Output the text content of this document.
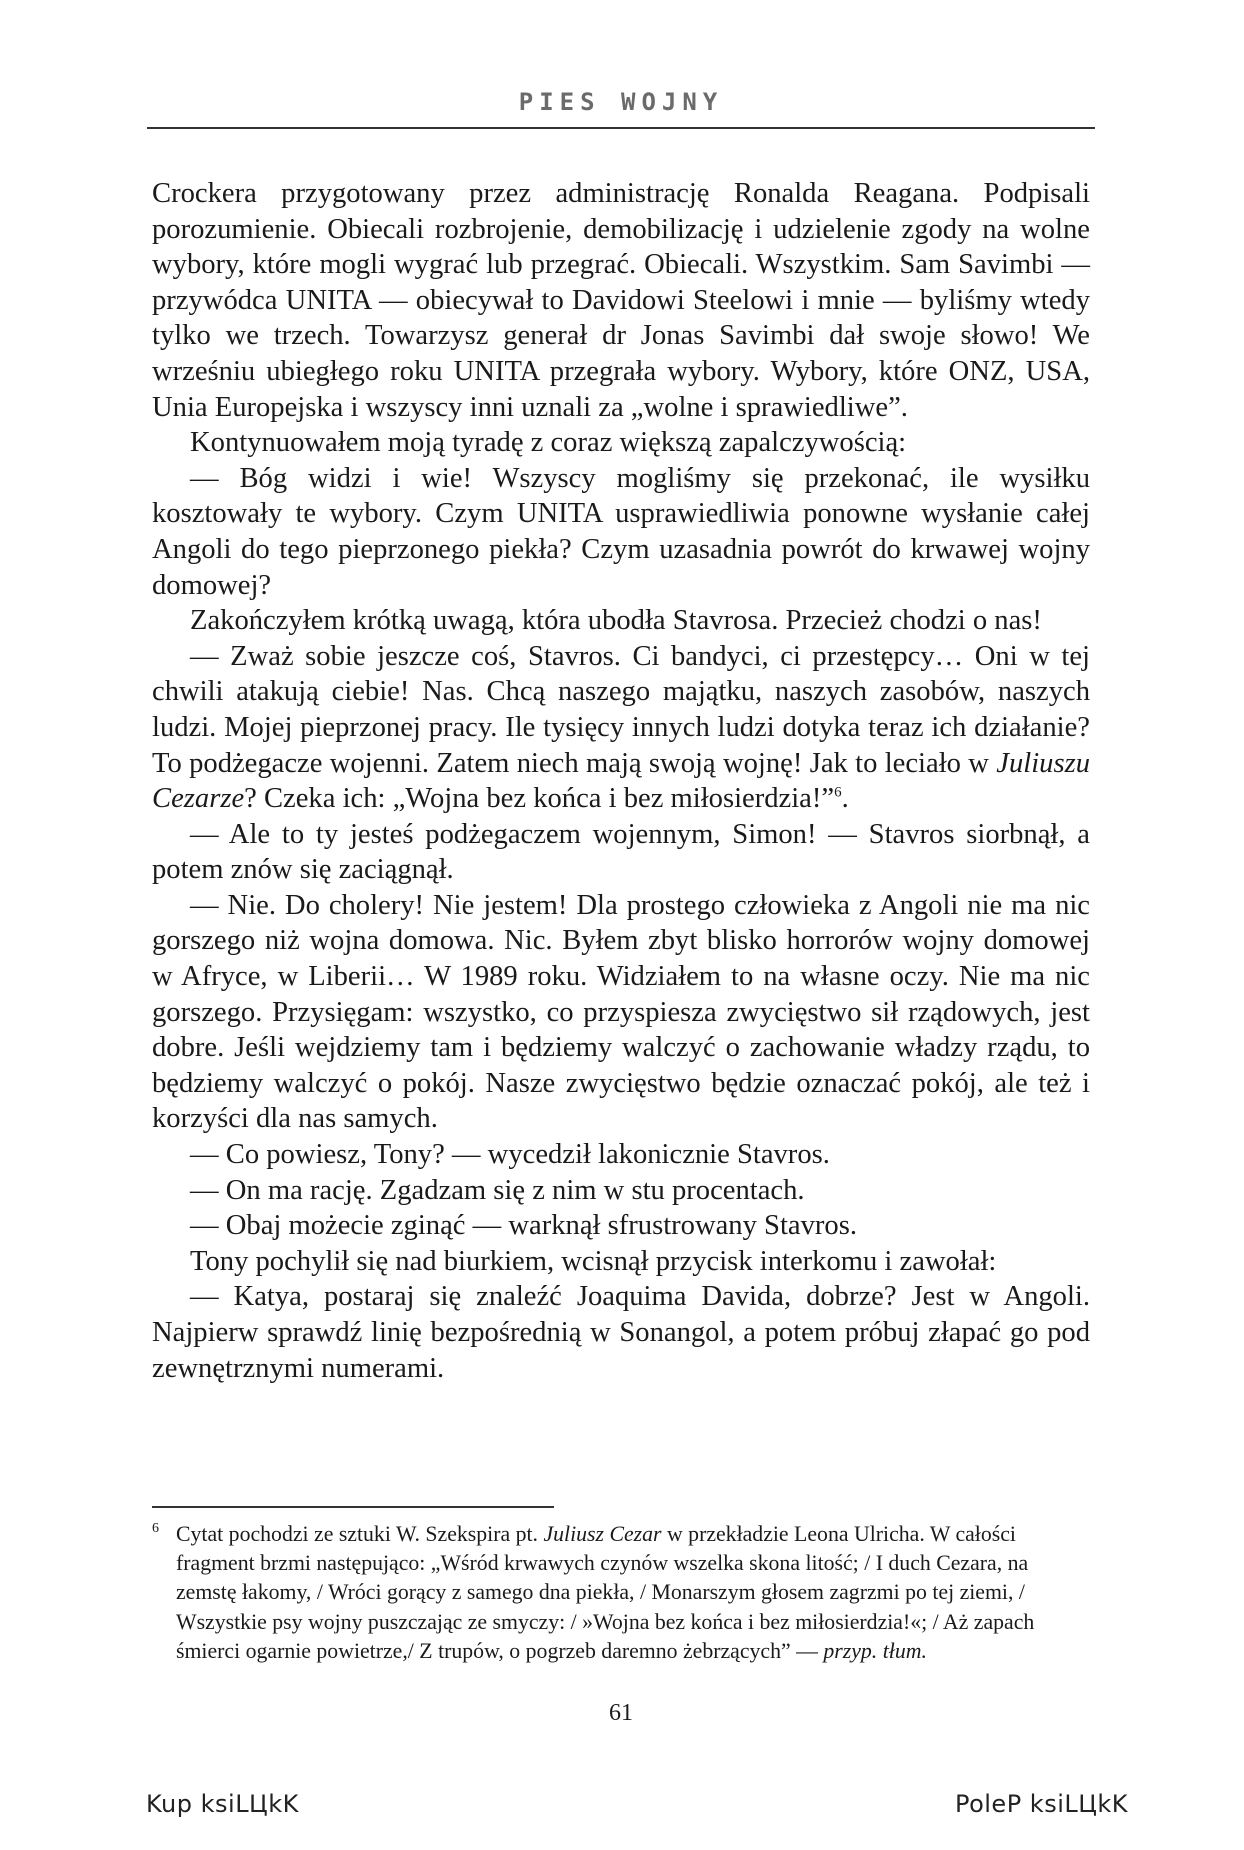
PIES WOJNY

Crockera przygotowany przez administrację Ronalda Reagana. Podpisali porozumienie. Obiecali rozbrojenie, demobilizację i udzielenie zgody na wolne wybory, które mogli wygrać lub przegrać. Obiecali. Wszystkim. Sam Savimbi — przywódca UNITA — obiecywał to Davidowi Steelowi i mnie — byliśmy wtedy tylko we trzech. Towarzysz generał dr Jonas Savimbi dał swoje słowo! We wrześniu ubiegłego roku UNITA przegrała wybory. Wybory, które ONZ, USA, Unia Europejska i wszyscy inni uznali za „wolne i sprawiedliwe”.

Kontynuowałem moją tyradę z coraz większą zapalczywością:

— Bóg widzi i wie! Wszyscy mogliśmy się przekonać, ile wysiłku kosztowały te wybory. Czym UNITA usprawiedliwia ponowne wysłanie całej Angoli do tego pieprzonego piekła? Czym uzasadnia powrót do krwawej wojny domowej?

Zakończyłem krótką uwagą, która ubodła Stavrosa. Przecież chodzi o nas!

— Zważ sobie jeszcze coś, Stavros. Ci bandyci, ci przestępcy… Oni w tej chwili atakują ciebie! Nas. Chcą naszego majątku, naszych zasobów, naszych ludzi. Mojej pieprzonej pracy. Ile tysięcy innych ludzi dotyka teraz ich działanie? To podżegacze wojenni. Zatem niech mają swoją wojnę! Jak to leciało w Juliuszu Cezarze? Czeka ich: „Wojna bez końca i bez miłosierdzia!”$^6$.

— Ale to ty jesteś podżegaczem wojennym, Simon! — Stavros siorbnął, a potem znów się zaciągnął.

— Nie. Do cholery! Nie jestem! Dla prostego człowieka z Angoli nie ma nic gorszego niż wojna domowa. Nic. Byłem zbyt blisko horrorów wojny domowej w Afryce, w Liberii… W 1989 roku. Widziałem to na własne oczy. Nie ma nic gorszego. Przysięgam: wszystko, co przyspiesza zwycięstwo sił rządowych, jest dobre. Jeśli wejdziemy tam i będziemy walczyć o zachowanie władzy rządu, to będziemy walczyć o pokój. Nasze zwycięstwo będzie oznaczać pokój, ale też i korzyści dla nas samych.

— Co powiesz, Tony? — wycedził lakonicznie Stavros.

— On ma rację. Zgadzam się z nim w stu procentach.

— Obaj możecie zginąć — warknął sfrustrowany Stavros.

Tony pochylił się nad biurkiem, wcisnął przycisk interkomu i zawołał:

— Katya, postaraj się znaleźć Joaquima Davida, dobrze? Jest w Angoli. Najpierw sprawdź linię bezpośrednią w Sonangol, a potem próbuj złapać go pod zewnętrznymi numerami.

6 Cytat pochodzi ze sztuki W. Szekspira pt. Juliusz Cezar w przekładzie Leona Ulricha. W całości fragment brzmi następująco: „Wśród krwawych czynów wszelka skona litość; / I duch Cezara, na zemstę łakomy, / Wróci gorący z samego dna piekła, / Monarszym głosem zagrzmi po tej ziemi, / Wszystkie psy wojny puszczając ze smyczy: / »Wojna bez końca i bez miłosierdzia!«; / Aż zapach śmierci ogarnie powietrze,/ Z trupów, o pogrzeb daremno żebrzących” — przyp. tłum.
61
Kup ksiLЦkK	PoleP ksiLЦkK
